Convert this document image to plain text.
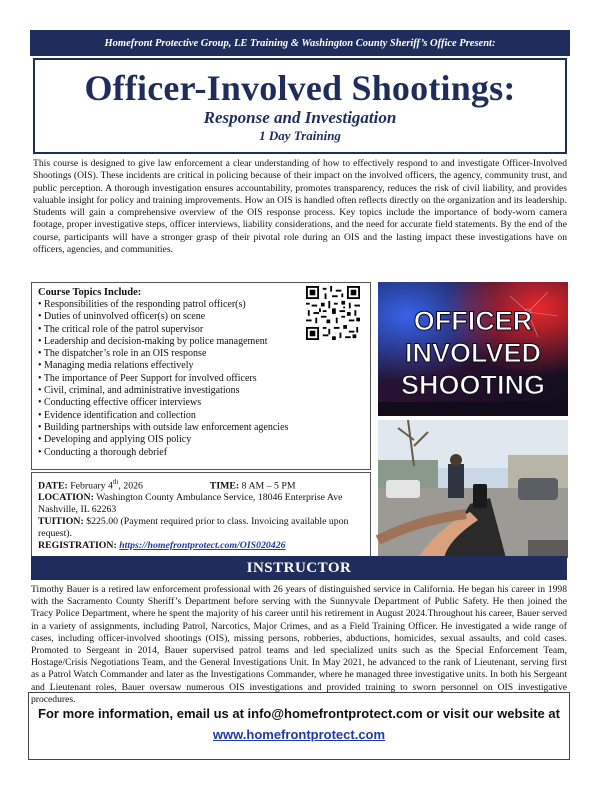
Homefront Protective Group, LE Training & Washington County Sheriff’s Office Present:
Officer-Involved Shootings:
Response and Investigation
1 Day Training

This course is designed to give law enforcement a clear understanding of how to effectively respond to and investigate Officer-Involved Shootings (OIS). These incidents are critical in policing because of their impact on the involved officers, the agency, community trust, and public perception. A thorough investigation ensures accountability, promotes transparency, reduces the risk of civil liability, and provides valuable insight for policy and training improvements. How an OIS is handled often reflects directly on the organization and its leadership. Students will gain a comprehensive overview of the OIS response process. Key topics include the importance of body-worn camera footage, proper investigative steps, officer interviews, liability considerations, and the need for accurate field statements. By the end of the course, participants will have a stronger grasp of their pivotal role during an OIS and the lasting impact these investigations have on officers, agencies, and communities.

Course Topics Include:
• Responsibilities of the responding patrol officer(s)
• Duties of uninvolved officer(s) on scene
• The critical role of the patrol supervisor
• Leadership and decision-making by police management
• The dispatcher’s role in an OIS response
• Managing media relations effectively
• The importance of Peer Support for involved officers
• Civil, criminal, and administrative investigations
• Conducting effective officer interviews
• Evidence identification and collection
• Building partnerships with outside law enforcement agencies
• Developing and applying OIS policy
• Conducting a thorough debrief
DATE: February 4th, 2026	TIME: 8 AM – 5 PM
LOCATION: Washington County Ambulance Service, 18046 Enterprise Ave
Nashville, IL 62263
TUITION: $225.00 (Payment required prior to class. Invoicing available upon request).
REGISTRATION: https://homefrontprotect.com/OIS020426
OFFICER
INVOLVED
SHOOTING
INSTRUCTOR

Timothy Bauer is a retired law enforcement professional with 26 years of distinguished service in California. He began his career in 1998 with the Sacramento County Sheriff’s Department before serving with the Sunnyvale Department of Public Safety. He then joined the Tracy Police Department, where he spent the majority of his career until his retirement in August 2024.Throughout his career, Bauer served in a variety of assignments, including Patrol, Narcotics, Major Crimes, and as a Field Training Officer. He investigated a wide range of cases, including officer-involved shootings (OIS), missing persons, robberies, abductions, homicides, sexual assaults, and cold cases. Promoted to Sergeant in 2014, Bauer supervised patrol teams and led specialized units such as the Special Enforcement Team, Hostage/Crisis Negotiations Team, and the General Investigations Unit. In May 2021, he advanced to the rank of Lieutenant, serving first as a Patrol Watch Commander and later as the Investigations Commander, where he managed three investigative units. In both his Sergeant and Lieutenant roles, Bauer oversaw numerous OIS investigations and provided training to sworn personnel on OIS investigative procedures.

For more information, email us at info@homefrontprotect.com or visit our website at
www.homefrontprotect.com
